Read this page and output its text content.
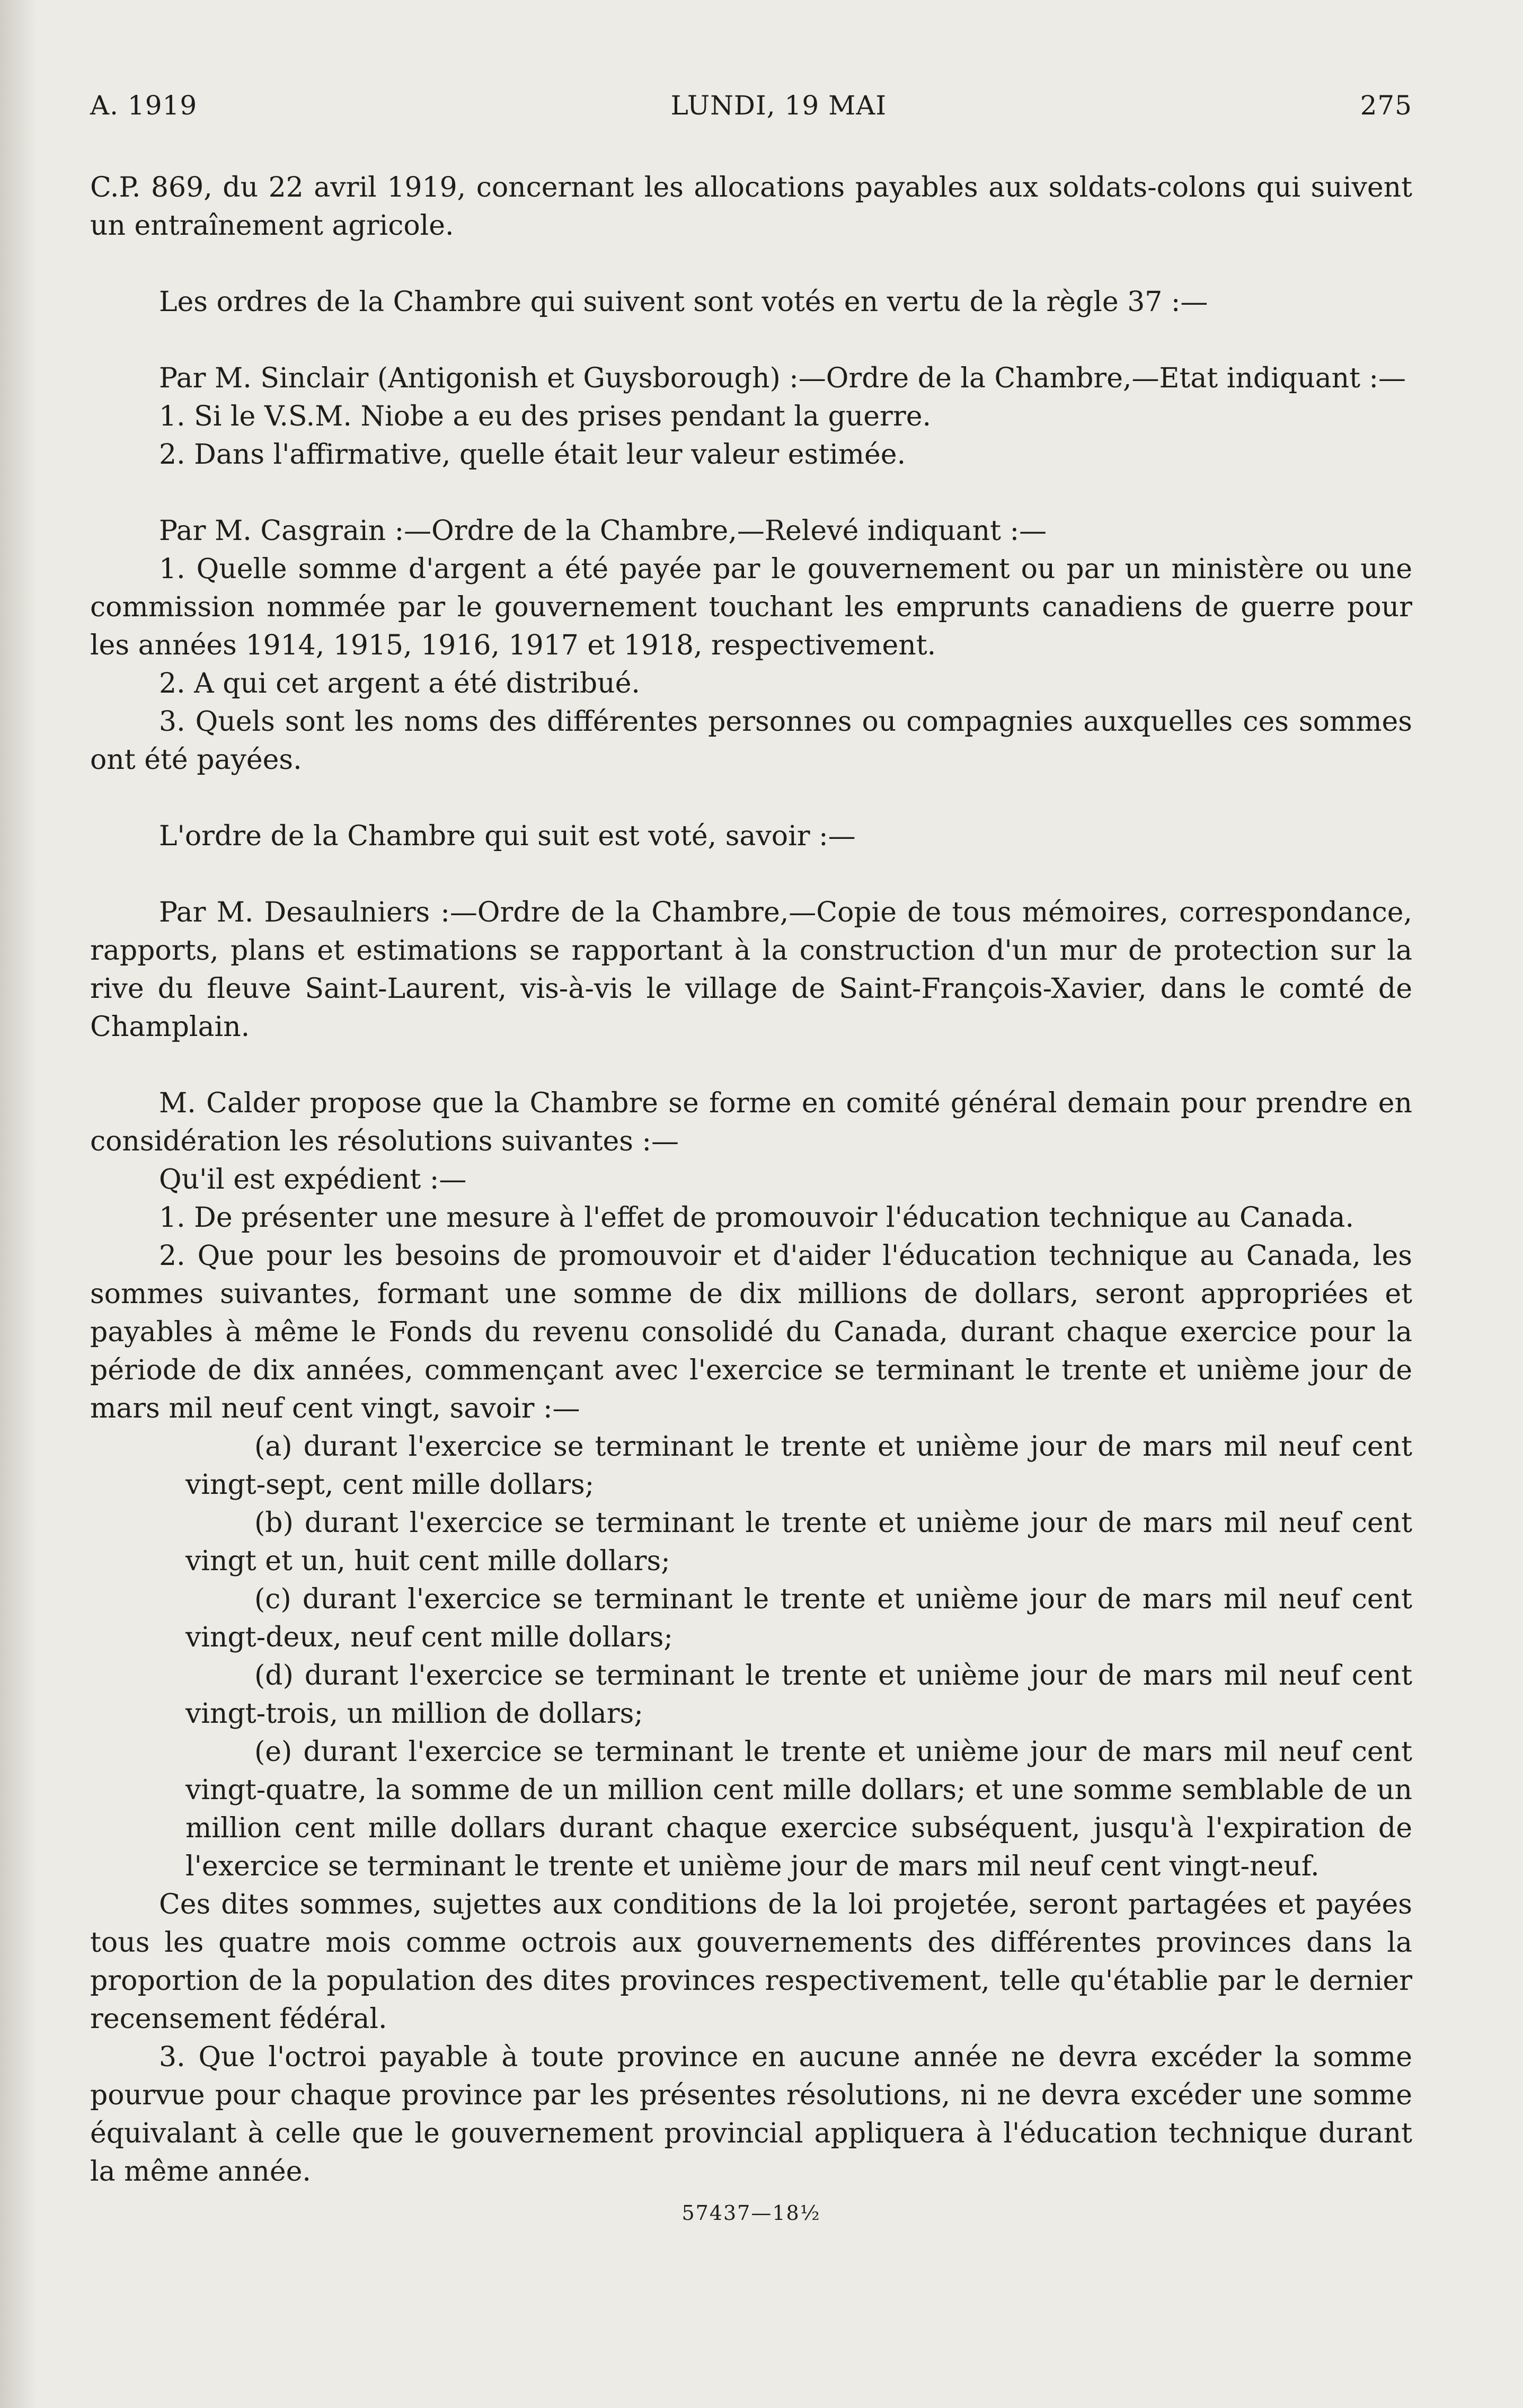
A. 1919	LUNDI, 19 MAI	275

C.P. 869, du 22 avril 1919, concernant les allocations payables aux soldats-colons qui suivent un entraînement agricole.

Les ordres de la Chambre qui suivent sont votés en vertu de la règle 37 :—

Par M. Sinclair (Antigonish et Guysborough) :—Ordre de la Chambre,—Etat indiquant :—

1. Si le V.S.M. Niobe a eu des prises pendant la guerre.

2. Dans l'affirmative, quelle était leur valeur estimée.

Par M. Casgrain :—Ordre de la Chambre,—Relevé indiquant :—

1. Quelle somme d'argent a été payée par le gouvernement ou par un ministère ou une commission nommée par le gouvernement touchant les emprunts canadiens de guerre pour les années 1914, 1915, 1916, 1917 et 1918, respectivement.

2. A qui cet argent a été distribué.

3. Quels sont les noms des différentes personnes ou compagnies auxquelles ces sommes ont été payées.

L'ordre de la Chambre qui suit est voté, savoir :—

Par M. Desaulniers :—Ordre de la Chambre,—Copie de tous mémoires, correspondance, rapports, plans et estimations se rapportant à la construction d'un mur de protection sur la rive du fleuve Saint-Laurent, vis-à-vis le village de Saint-François-Xavier, dans le comté de Champlain.

M. Calder propose que la Chambre se forme en comité général demain pour prendre en considération les résolutions suivantes :—

Qu'il est expédient :—

1. De présenter une mesure à l'effet de promouvoir l'éducation technique au Canada.

2. Que pour les besoins de promouvoir et d'aider l'éducation technique au Canada, les sommes suivantes, formant une somme de dix millions de dollars, seront appropriées et payables à même le Fonds du revenu consolidé du Canada, durant chaque exercice pour la période de dix années, commençant avec l'exercice se terminant le trente et unième jour de mars mil neuf cent vingt, savoir :—

(a) durant l'exercice se terminant le trente et unième jour de mars mil neuf cent vingt-sept, cent mille dollars;

(b) durant l'exercice se terminant le trente et unième jour de mars mil neuf cent vingt et un, huit cent mille dollars;

(c) durant l'exercice se terminant le trente et unième jour de mars mil neuf cent vingt-deux, neuf cent mille dollars;

(d) durant l'exercice se terminant le trente et unième jour de mars mil neuf cent vingt-trois, un million de dollars;

(e) durant l'exercice se terminant le trente et unième jour de mars mil neuf cent vingt-quatre, la somme de un million cent mille dollars; et une somme semblable de un million cent mille dollars durant chaque exercice subséquent, jusqu'à l'expiration de l'exercice se terminant le trente et unième jour de mars mil neuf cent vingt-neuf.

Ces dites sommes, sujettes aux conditions de la loi projetée, seront partagées et payées tous les quatre mois comme octrois aux gouvernements des différentes provinces dans la proportion de la population des dites provinces respectivement, telle qu'établie par le dernier recensement fédéral.

3. Que l'octroi payable à toute province en aucune année ne devra excéder la somme pourvue pour chaque province par les présentes résolutions, ni ne devra excéder une somme équivalant à celle que le gouvernement provincial appliquera à l'éducation technique durant la même année.

57437—18½
